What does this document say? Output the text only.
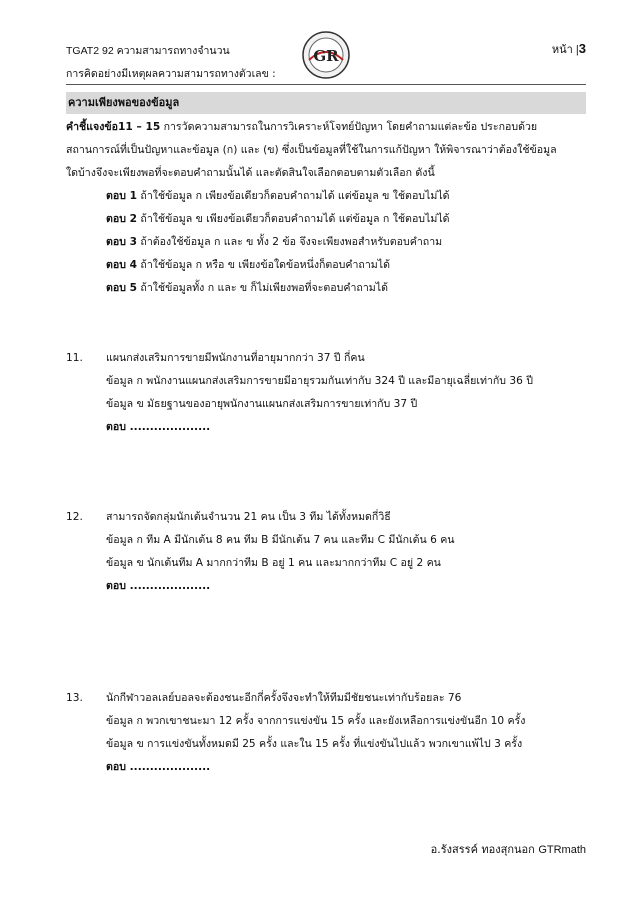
TGAT2 92 ความสามารถทางจำนวน
การคิดอย่างมีเหตุผลความสามารถทางตัวเลข :
GR	หน้า |3
ความเพียงพอของข้อมูล
คำชี้แจงข้อ11 – 15 การวัดความสามารถในการวิเคราะห์โจทย์ปัญหา โดยคำถามแต่ละข้อ ประกอบด้วย
สถานการณ์ที่เป็นปัญหาและข้อมูล (ก) และ (ข) ซึ่งเป็นข้อมูลที่ใช้ในการแก้ปัญหา ให้พิจารณาว่าต้องใช้ข้อมูล
ใดบ้างจึงจะเพียงพอที่จะตอบคำถามนั้นได้ และตัดสินใจเลือกตอบตามตัวเลือก ดังนี้
ตอบ 1 ถ้าใช้ข้อมูล ก เพียงข้อเดียวก็ตอบคำถามได้ แต่ข้อมูล ข ใช้ตอบไม่ได้
ตอบ 2 ถ้าใช้ข้อมูล ข เพียงข้อเดียวก็ตอบคำถามได้ แต่ข้อมูล ก ใช้ตอบไม่ได้
ตอบ 3 ถ้าต้องใช้ข้อมูล ก และ ข ทั้ง 2 ข้อ จึงจะเพียงพอสำหรับตอบคำถาม
ตอบ 4 ถ้าใช้ข้อมูล ก หรือ ข เพียงข้อใดข้อหนึ่งก็ตอบคำถามได้
ตอบ 5 ถ้าใช้ข้อมูลทั้ง ก และ ข ก็ไม่เพียงพอที่จะตอบคำถามได้
11.	แผนกส่งเสริมการขายมีพนักงานที่อายุมากกว่า 37 ปี กี่คน
ข้อมูล ก พนักงานแผนกส่งเสริมการขายมีอายุรวมกันเท่ากับ 324 ปี และมีอายุเฉลี่ยเท่ากับ 36 ปี
ข้อมูล ข มัธยฐานของอายุพนักงานแผนกส่งเสริมการขายเท่ากับ 37 ปี
ตอบ ....................
12.	สามารถจัดกลุ่มนักเต้นจำนวน 21 คน เป็น 3 ทีม ได้ทั้งหมดกี่วิธี
ข้อมูล ก ทีม A มีนักเต้น 8 คน ทีม B มีนักเต้น 7 คน และทีม C มีนักเต้น 6 คน
ข้อมูล ข นักเต้นทีม A มากกว่าทีม B อยู่ 1 คน และมากกว่าทีม C อยู่ 2 คน
ตอบ ....................
13.	นักกีฬาวอลเลย์บอลจะต้องชนะอีกกี่ครั้งจึงจะทำให้ทีมมีชัยชนะเท่ากับร้อยละ 76
ข้อมูล ก พวกเขาชนะมา 12 ครั้ง จากการแข่งขัน 15 ครั้ง และยังเหลือการแข่งขันอีก 10 ครั้ง
ข้อมูล ข การแข่งขันทั้งหมดมี 25 ครั้ง และใน 15 ครั้ง ที่แข่งขันไปแล้ว พวกเขาแพ้ไป 3 ครั้ง
ตอบ ....................
อ.รังสรรค์ ทองสุกนอก GTRmath
